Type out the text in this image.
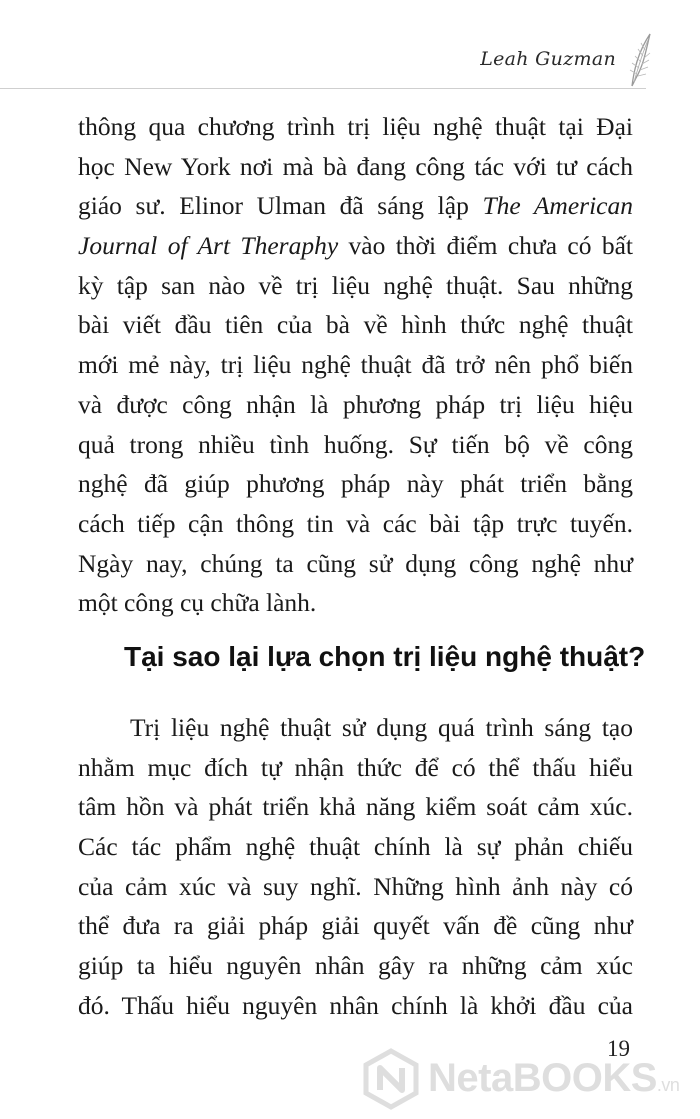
Leah Guzman
thông qua chương trình trị liệu nghệ thuật tại Đại
học New York nơi mà bà đang công tác với tư cách
giáo sư. Elinor Ulman đã sáng lập The American
Journal of Art Theraphy vào thời điểm chưa có bất
kỳ tập san nào về trị liệu nghệ thuật. Sau những
bài viết đầu tiên của bà về hình thức nghệ thuật
mới mẻ này, trị liệu nghệ thuật đã trở nên phổ biến
và được công nhận là phương pháp trị liệu hiệu
quả trong nhiều tình huống. Sự tiến bộ về công
nghệ đã giúp phương pháp này phát triển bằng
cách tiếp cận thông tin và các bài tập trực tuyến.
Ngày nay, chúng ta cũng sử dụng công nghệ như
một công cụ chữa lành.
Tại sao lại lựa chọn trị liệu nghệ thuật?
Trị liệu nghệ thuật sử dụng quá trình sáng tạo
nhằm mục đích tự nhận thức để có thể thấu hiểu
tâm hồn và phát triển khả năng kiểm soát cảm xúc.
Các tác phẩm nghệ thuật chính là sự phản chiếu
của cảm xúc và suy nghĩ. Những hình ảnh này có
thể đưa ra giải pháp giải quyết vấn đề cũng như
giúp ta hiểu nguyên nhân gây ra những cảm xúc
đó. Thấu hiểu nguyên nhân chính là khởi đầu của
19
NetaBOOKS.vn
